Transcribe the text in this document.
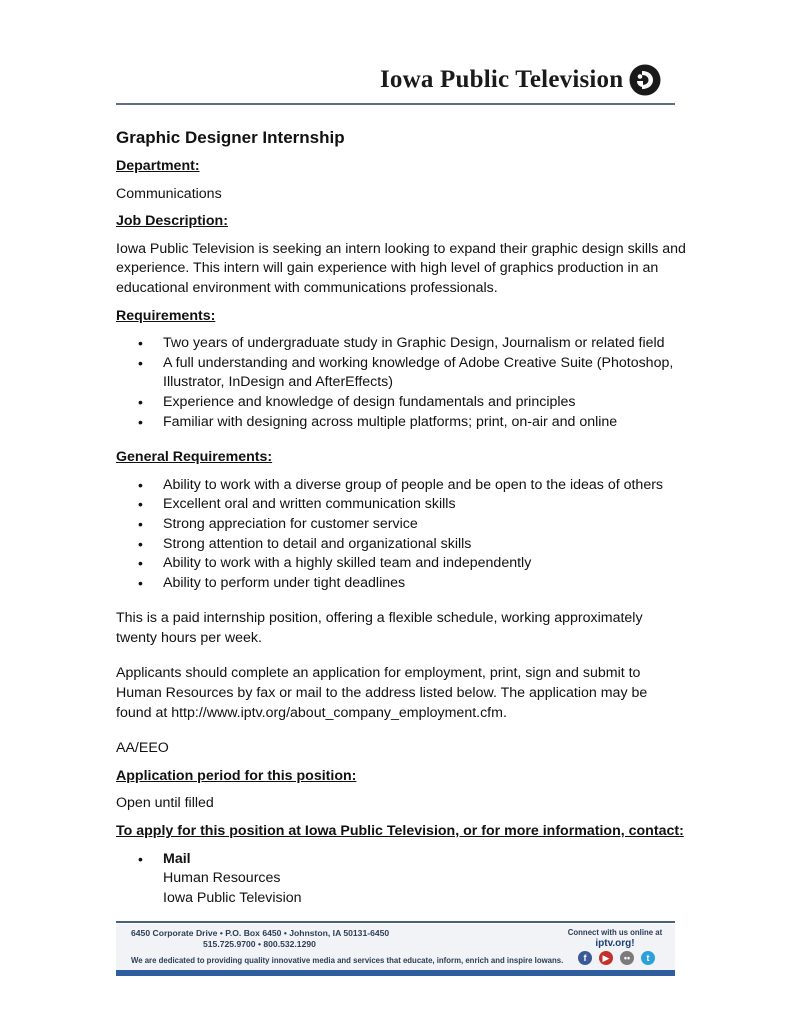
Iowa Public Television
Graphic Designer Internship

Department:

Communications

Job Description:

Iowa Public Television is seeking an intern looking to expand their graphic design skills and experience. This intern will gain experience with high level of graphics production in an educational environment with communications professionals.

Requirements:

• Two years of undergraduate study in Graphic Design, Journalism or related field
• A full understanding and working knowledge of Adobe Creative Suite (Photoshop, Illustrator, InDesign and AfterEffects)
• Experience and knowledge of design fundamentals and principles
• Familiar with designing across multiple platforms; print, on-air and online

General Requirements:

• Ability to work with a diverse group of people and be open to the ideas of others
• Excellent oral and written communication skills
• Strong appreciation for customer service
• Strong attention to detail and organizational skills
• Ability to work with a highly skilled team and independently
• Ability to perform under tight deadlines

This is a paid internship position, offering a flexible schedule, working approximately twenty hours per week.

Applicants should complete an application for employment, print, sign and submit to Human Resources by fax or mail to the address listed below. The application may be found at http://www.iptv.org/about_company_employment.cfm.

AA/EEO

Application period for this position:

Open until filled

To apply for this position at Iowa Public Television, or for more information, contact:

• Mail
Human Resources
Iowa Public Television
6450 Corporate Drive • P.O. Box 6450 • Johnston, IA 50131-6450
515.725.9700 • 800.532.1290
We are dedicated to providing quality innovative media and services that educate, inform, enrich and inspire Iowans.
Connect with us online at
iptv.org!
f	▶	••	t
